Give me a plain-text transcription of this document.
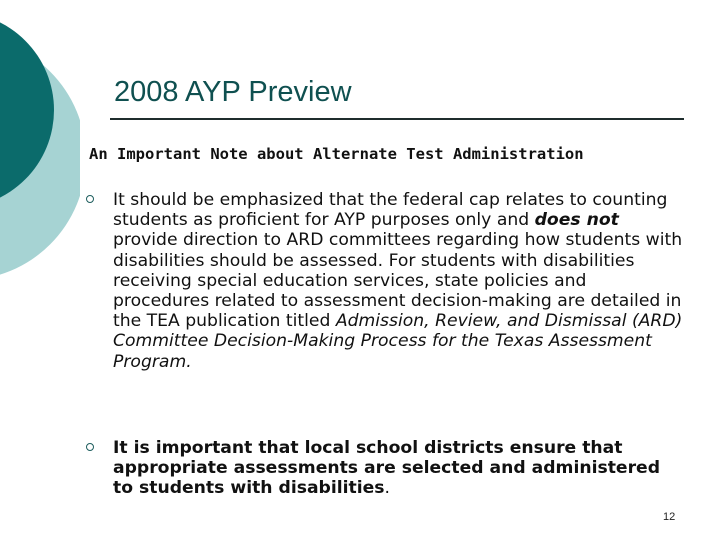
2008 AYP Preview
An Important Note about Alternate Test Administration
It should be emphasized that the federal cap relates to counting students as proficient for AYP purposes only and does not provide direction to ARD committees regarding how students with disabilities should be assessed. For students with disabilities receiving special education services, state policies and procedures related to assessment decision-making are detailed in the TEA publication titled Admission, Review, and Dismissal (ARD) Committee Decision-Making Process for the Texas Assessment Program.
It is important that local school districts ensure that appropriate assessments are selected and administered to students with disabilities.
12
